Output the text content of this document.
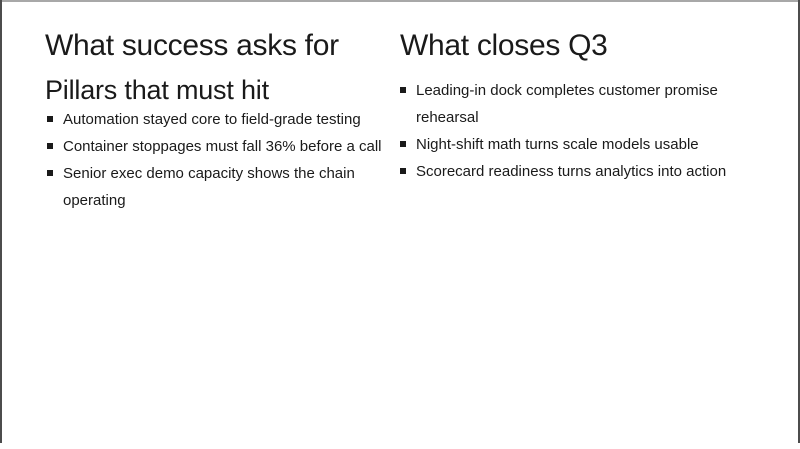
What success asks for
Pillars that must hit
Automation stayed core to field-grade testing
Container stoppages must fall 36% before a call
Senior exec demo capacity shows the chain operating
What closes Q3
Leading-in dock completes customer promise rehearsal
Night-shift math turns scale models usable
Scorecard readiness turns analytics into action
